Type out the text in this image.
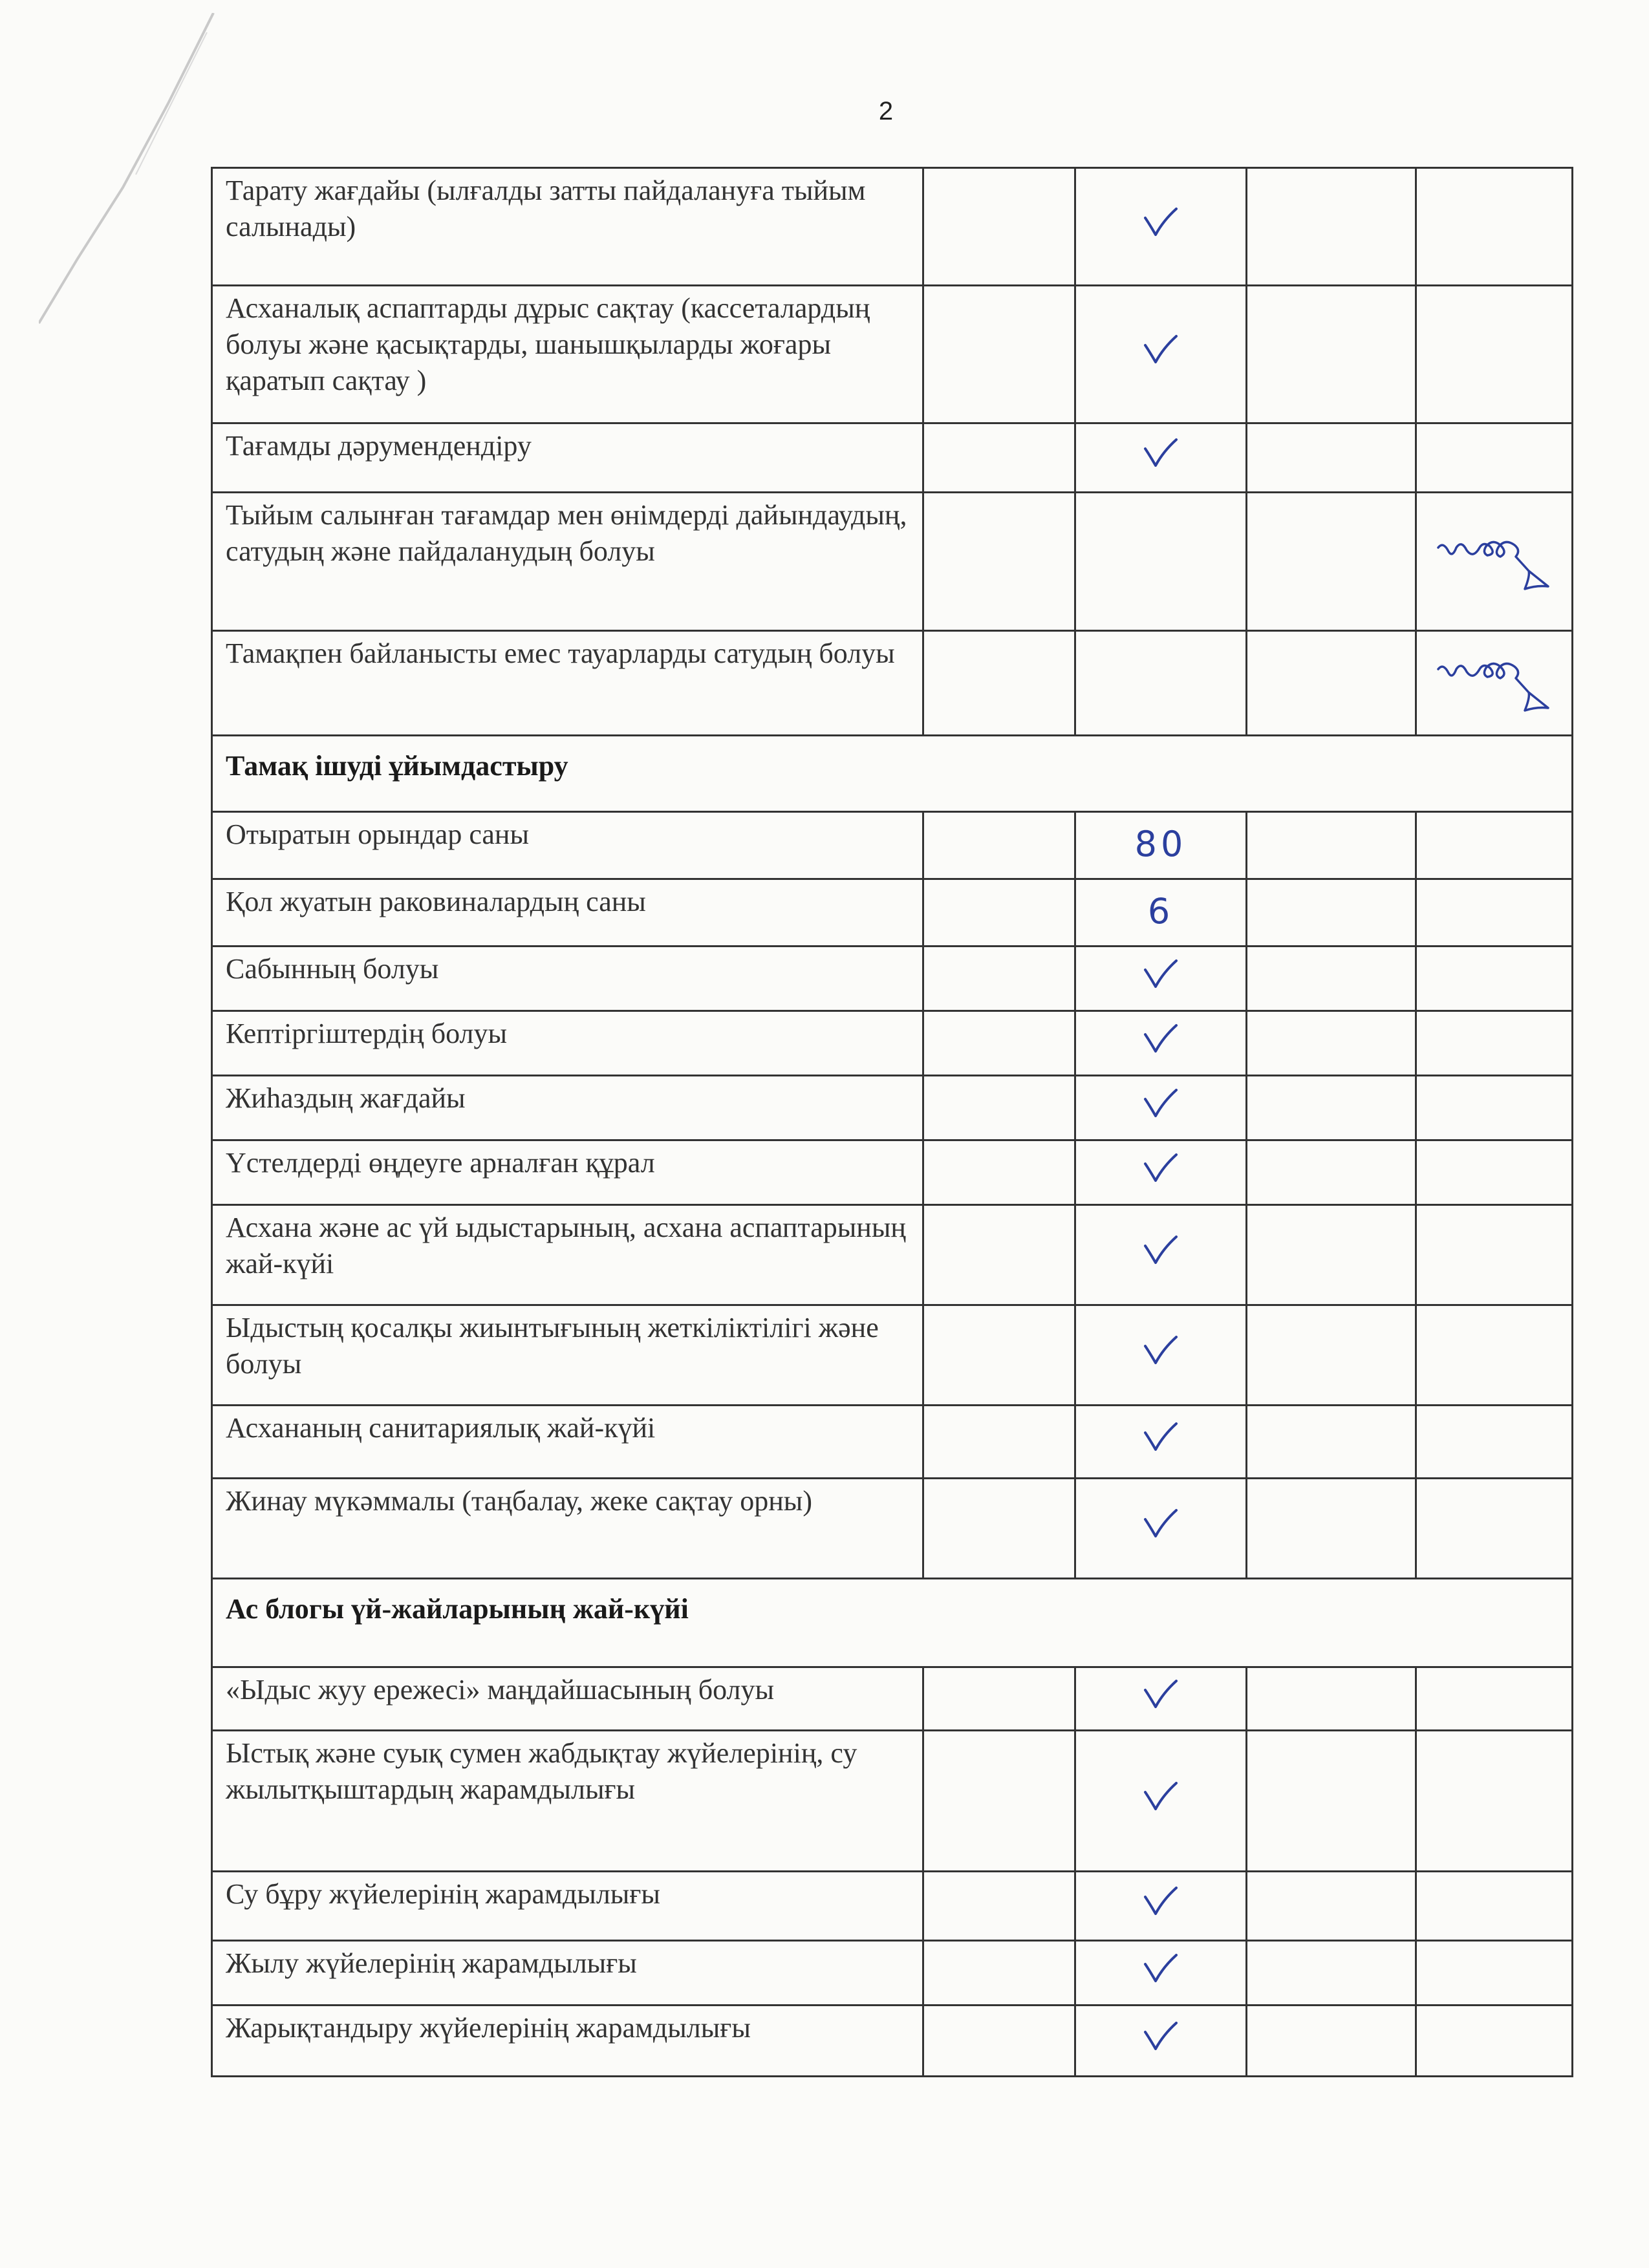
2
Тарату жағдайы (ылғалды затты пайдалануға тыйым салынады)		

Асханалық аспаптарды дұрыс сақтау (кассеталардың болуы және қасықтарды, шанышқыларды жоғары қаратып сақтау )		

Тағамды дәрумендендіру		

Тыйым салынған тағамдар мен өнімдерді дайындаудың, сатудың және пайдаланудың болуы				
Тамақпен байланысты емес тауарларды сатудың болуы				
Тамақ ішуді ұйымдастыру				
Отыратын орындар саны		80		
Қол жуатын раковиналардың саны		6		
Сабынның болуы		

Кептіргіштердің болуы		

Жиһаздың жағдайы		

Үстелдерді өңдеуге арналған құрал		

Асхана және ас үй ыдыстарының, асхана аспаптарының жай-күйі		

Ыдыстың қосалқы жиынтығының жеткіліктілігі және болуы		

Асхананың санитариялық жай-күйі		

Жинау мүкәммалы (таңбалау, жеке сақтау орны)		

Ас блогы үй-жайларының жай-күйі				
«Ыдыс жуу ережесі» маңдайшасының болуы		

Ыстық және суық сумен жабдықтау жүйелерінің, су жылытқыштардың жарамдылығы		

Су бұру жүйелерінің жарамдылығы		

Жылу жүйелерінің жарамдылығы		

Жарықтандыру жүйелерінің жарамдылығы		
